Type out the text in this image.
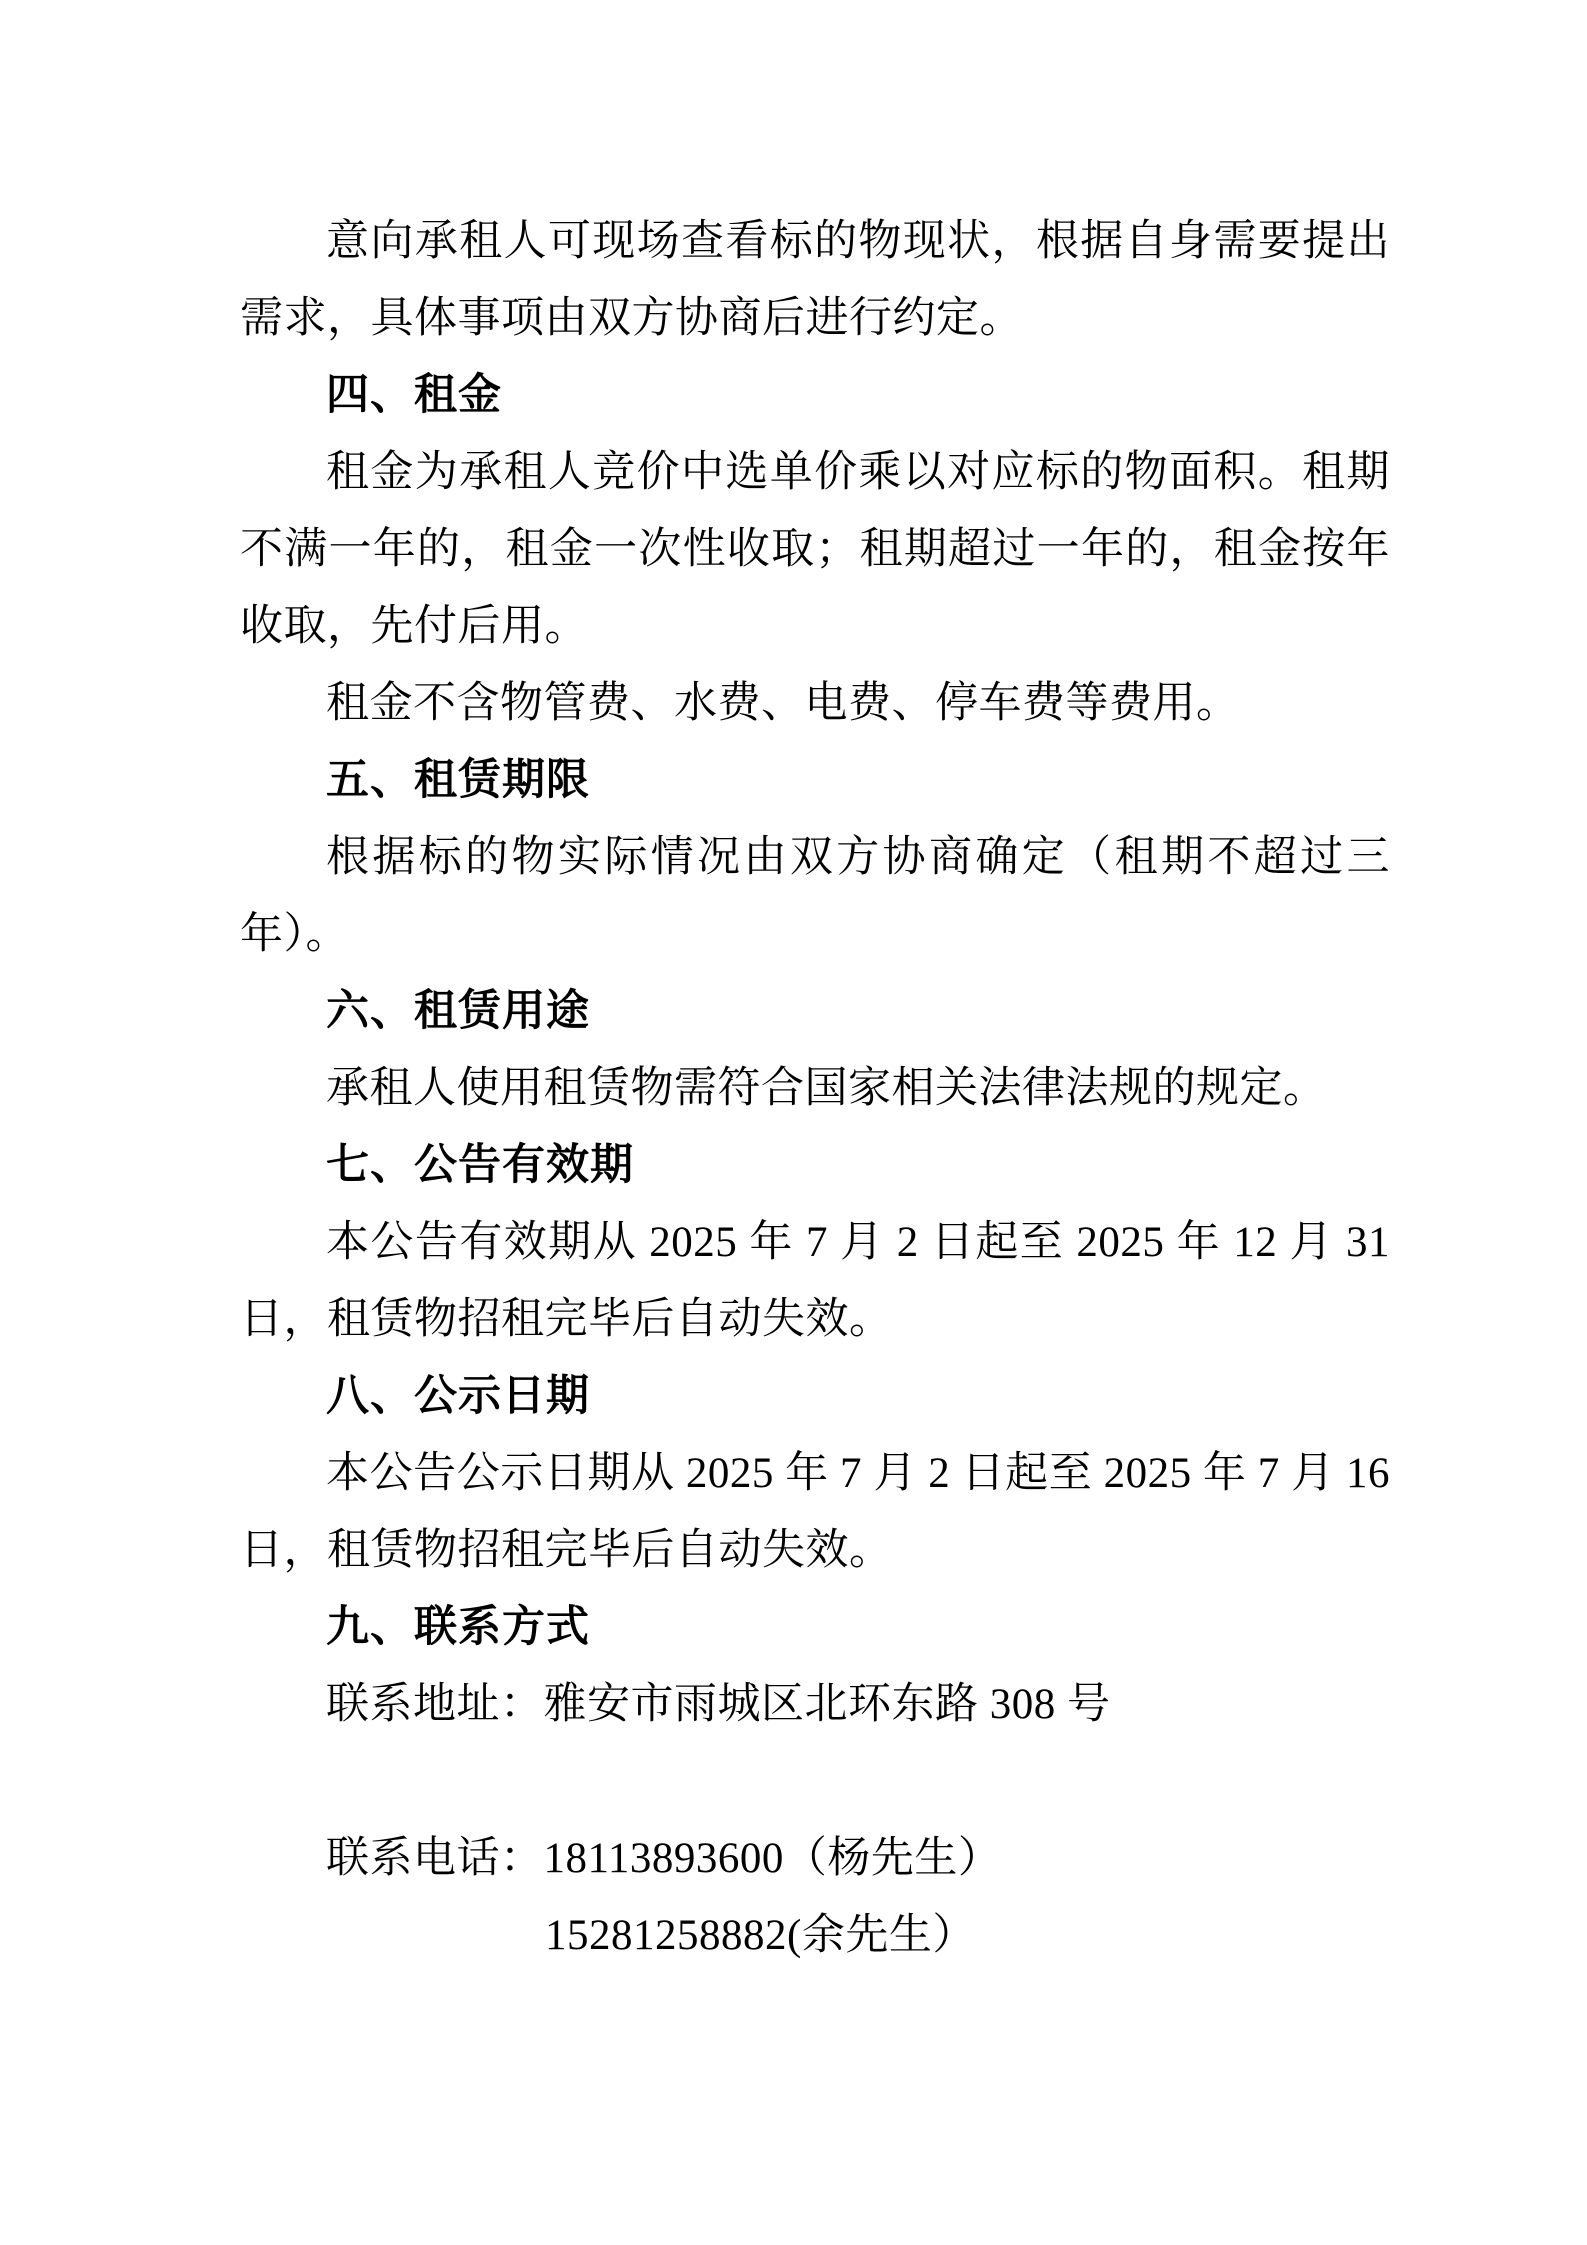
意向承租人可现场查看标的物现状，根据自身需要提出
需求，具体事项由双方协商后进行约定。
四、租金
租金为承租人竞价中选单价乘以对应标的物面积。租期
不满一年的，租金一次性收取；租期超过一年的，租金按年
收取，先付后用。
租金不含物管费、水费、电费、停车费等费用。
五、租赁期限
根据标的物实际情况由双方协商确定（租期不超过三
年）。
六、租赁用途
承租人使用租赁物需符合国家相关法律法规的规定。
七、公告有效期
本公告有效期从 2025 年 7 月 2 日起至 2025 年 12 月 31
日，租赁物招租完毕后自动失效。
八、公示日期
本公告公示日期从 2025 年 7 月 2 日起至 2025 年 7 月 16
日，租赁物招租完毕后自动失效。
九、联系方式
联系地址：雅安市雨城区北环东路 308 号
联系电话：18113893600（杨先生）
15281258882(余先生）
